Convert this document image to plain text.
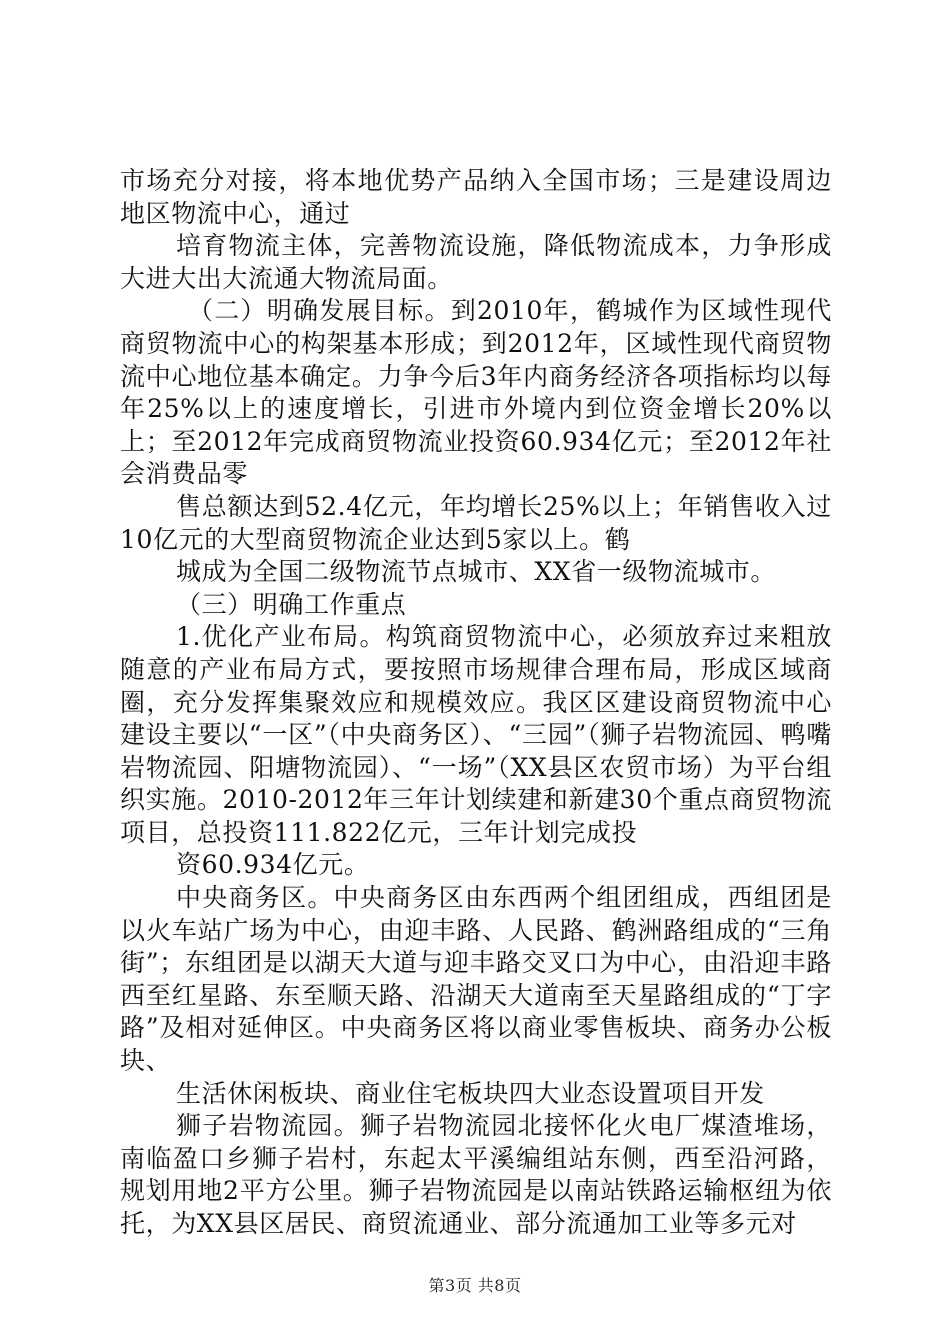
市场充分对接，将本地优势产品纳入全国市场；三是建设周边地区物流中心，通过

培育物流主体，完善物流设施，降低物流成本，力争形成大进大出大流通大物流局面。

（二）明确发展目标。到2010年，鹤城作为区域性现代商贸物流中心的构架基本形成；到2012年，区域性现代商贸物流中心地位基本确定。力争今后3年内商务经济各项指标均以每年25%以上的速度增长，引进市外境内到位资金增长20%以上；至2012年完成商贸物流业投资60.934亿元；至2012年社会消费品零

售总额达到52.4亿元，年均增长25%以上；年销售收入过10亿元的大型商贸物流企业达到5家以上。鹤

城成为全国二级物流节点城市、XX省一级物流城市。

（三）明确工作重点

1.优化产业布局。构筑商贸物流中心，必须放弃过来粗放随意的产业布局方式，要按照市场规律合理布局，形成区域商圈，充分发挥集聚效应和规模效应。我区区建设商贸物流中心建设主要以“一区”（中央商务区）、“三园”（狮子岩物流园、鸭嘴岩物流园、阳塘物流园）、“一场”（XX县区农贸市场）为平台组织实施。2010-2012年三年计划续建和新建30个重点商贸物流项目，总投资111.822亿元，三年计划完成投

资60.934亿元。

中央商务区。中央商务区由东西两个组团组成，西组团是以火车站广场为中心，由迎丰路、人民路、鹤洲路组成的“三角街”；东组团是以湖天大道与迎丰路交叉口为中心，由沿迎丰路西至红星路、东至顺天路、沿湖天大道南至天星路组成的“丁字路”及相对延伸区。中央商务区将以商业零售板块、商务办公板块、

生活休闲板块、商业住宅板块四大业态设置项目开发

狮子岩物流园。狮子岩物流园北接怀化火电厂煤渣堆场，南临盈口乡狮子岩村，东起太平溪编组站东侧，西至沿河路，规划用地2平方公里。狮子岩物流园是以南站铁路运输枢纽为依托，为XX县区居民、商贸流通业、部分流通加工业等多元对

第3页 共8页
